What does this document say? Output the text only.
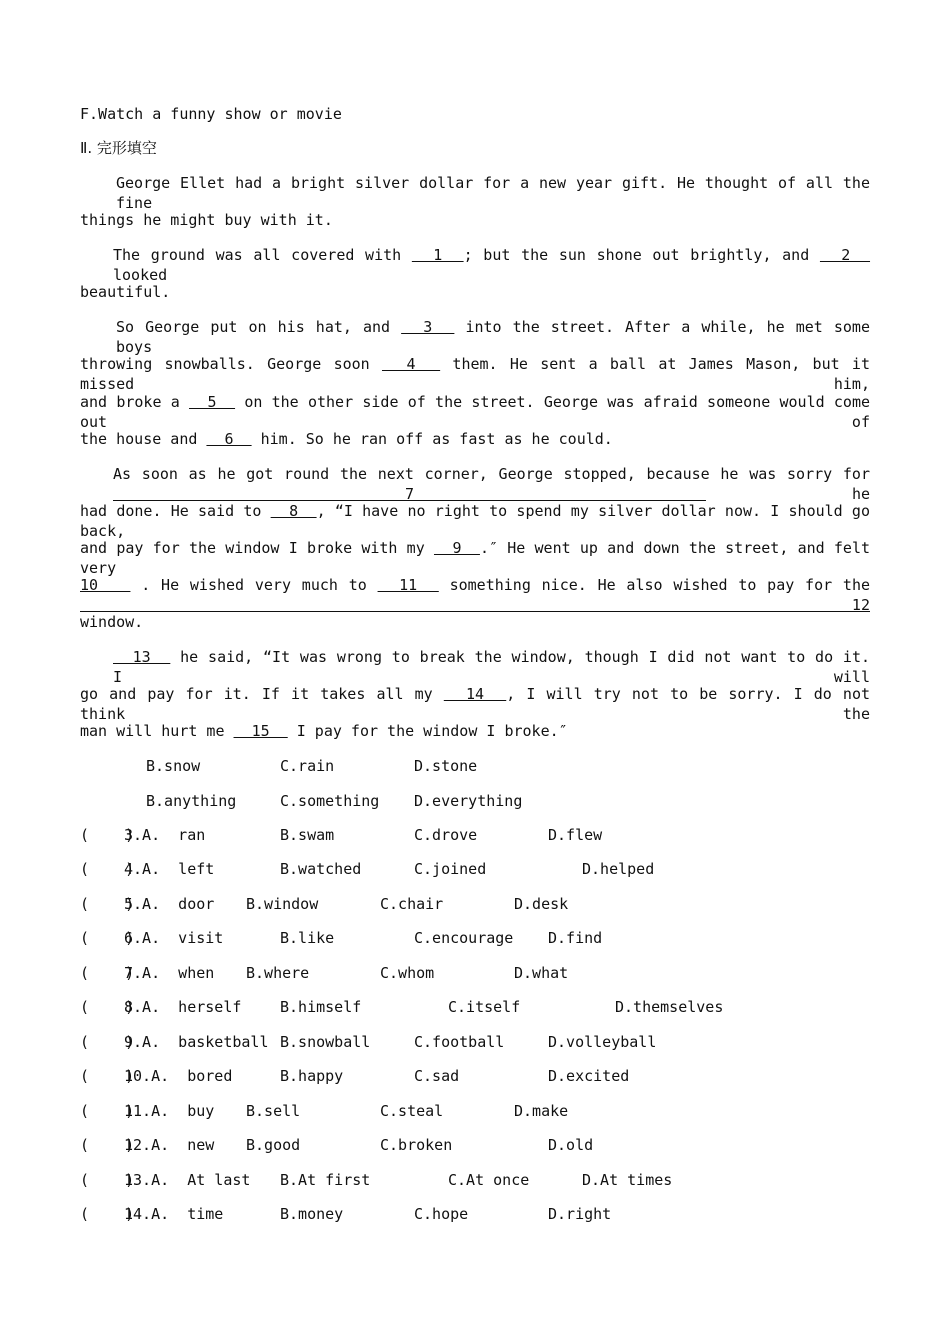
F.Watch a funny show or movie
Ⅱ. 完形填空
George Ellet had a bright silver dollar for a new year gift. He thought of all the fine
things he might buy with it.
The ground was all covered with   1  ; but the sun shone out brightly, and   2   looked
beautiful.
So George put on his hat, and   3   into the street. After a while, he met some boys
throwing snowballs. George soon   4   them. He sent a ball at James Mason, but it missed him,
and broke a   5   on the other side of the street. George was afraid someone would come out of
the house and   6   him. So he ran off as fast as he could.
As soon as he got round the next corner, George stopped, because he was sorry for   7	he
had done. He said to   8  , “I have no right to spend my silver dollar now. I should go back,
and pay for the window I broke with my   9  .″ He went up and down the street, and felt very
10    . He wished very much to   11   something nice. He also wished to pay for the   12
window.
13   he said, “It was wrong to break the window, though I did not want to do it. I will
go and pay for it. If it takes all my   14  , I will try not to be sorry. I do not think the
man will hurt me   15   I pay for the window I broke.″
B.snow	C.rain	D.stone
B.anything	C.something D.everything
(    )
3.A.  ran	B.swam	C.drove	D.flew
(    )
4.A.  left	B.watched	C.joined	D.helped
(    )
5.A.  door B.window	C.chair	D.desk
(    )
6.A.  visit	B.like	C.encourage D.find
(    )
7.A.  when B.where	C.whom	D.what
(    )
8.A.  herself	B.himself	C.itself	D.themselves
(    )
9.A.  basketball B.snowball	C.football	D.volleyball
(    )
10.A.  bored	B.happy	C.sad	D.excited
(    )
11.A.  buy B.sell	C.steal	D.make
(    )
12.A.  new B.good	C.broken	D.old
(    )
13.A.  At last B.At first	C.At once	D.At times
(    )
14.A.  time	B.money	C.hope	D.right
